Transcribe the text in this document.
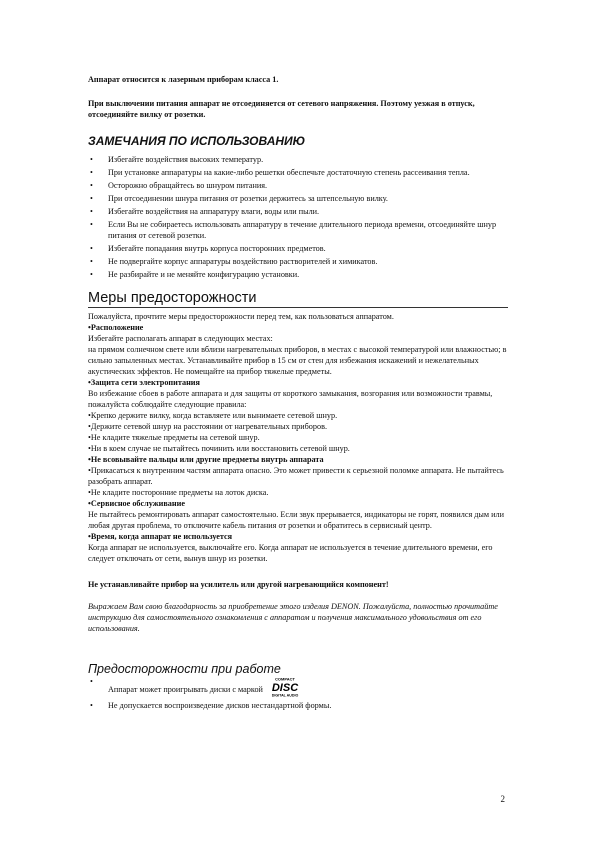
Аппарат относится к лазерным приборам класса 1.

При выключении питания аппарат не отсоединяется от сетевого напряжения. Поэтому уезжая в отпуск, отсоединяйте вилку от розетки.

ЗАМЕЧАНИЯ ПО ИСПОЛЬЗОВАНИЮ
• Избегайте воздействия высоких температур.
• При установке аппаратуры на какие-либо решетки обеспечьте достаточную степень рассеивания тепла.
• Осторожно обращайтесь во шнуром питания.
• При отсоединении шнура питания от розетки держитесь за штепсельную вилку.
• Избегайте воздействия на аппаратуру влаги, воды или пыли.
• Если Вы не собираетесь использовать аппаратуру в течение длительного периода времени, отсоединяйте шнур питания от сетевой розетки.
• Избегайте попадания внутрь корпуса посторонних предметов.
• Не подвергайте корпус аппаратуры воздействию растворителей и химикатов.
• Не разбирайте и не меняйте конфигурацию установки.
Меры предосторожности

Пожалуйста, прочтите меры предосторожности перед тем, как пользоваться аппаратом.

•Расположение

Избегайте располагать аппарат в следующих местах:

на прямом солнечном свете или вблизи нагревательных приборов, в местах с высокой температурой или влажностью; в сильно запыленных местах. Устанавливайте прибор в 15 см от стен для избежания искажений и нежелательных акустических эффектов. Не помещайте на прибор тяжелые предметы.

•Защита сети электропитания

Во избежание сбоев в работе аппарата и для защиты от короткого замыкания, возгорания или возможности травмы, пожалуйста соблюдайте следующие правила:

•Крепко держите вилку, когда вставляете или вынимаете сетевой шнур.

•Держите сетевой шнур на расстоянии от нагревательных приборов.

•Не кладите тяжелые предметы на сетевой шнур.

•Ни в коем случае не пытайтесь починить или восстановить сетевой шнур.

•Не всовывайте пальцы или другие предметы внутрь аппарата

•Прикасаться к внутренним частям аппарата опасно. Это может привести к серьезной поломке аппарата. Не пытайтесь разобрать аппарат.

•Не кладите посторонние предметы на лоток диска.

•Сервисное обслуживание

Не пытайтесь ремонтировать аппарат самостоятельно. Если звук прерывается, индикаторы не горят, появился дым или любая другая проблема, то отключите кабель питания от розетки и обратитесь в сервисный центр.

•Время, когда аппарат не используется

Когда аппарат не используется, выключайте его. Когда аппарат не используется в течение длительного времени, его следует отключать от сети, вынув шнур из розетки.

Не устанавливайте прибор на усилитель или другой нагревающийся компонент!

Выражаем Вам свою благодарность за приобретение этого изделия DENON. Пожалуйста, полностью прочитайте инструкцию для самостоятельного ознакомления с аппаратом и получения максимального удовольствия от его использования.

Предосторожности при работе
•
Аппарат может проигрывать диски с маркой
COMPACT
DISC
DIGITAL AUDIO
• Не допускается воспроизведение дисков нестандартной формы.
2
